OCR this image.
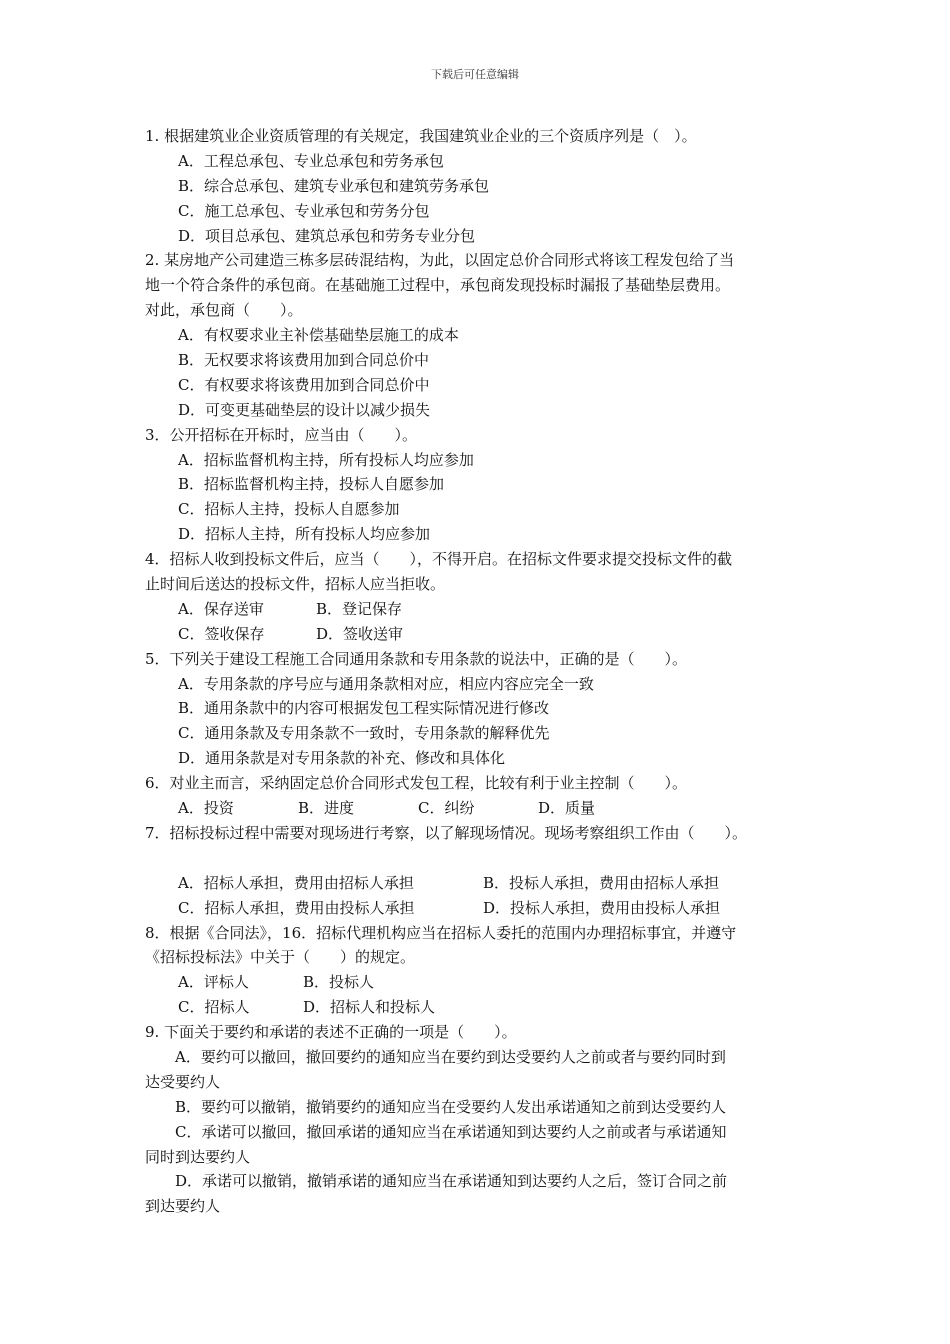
下载后可任意编辑
1. 根据建筑业企业资质管理的有关规定，我国建筑业企业的三个资质序列是（　）。
A．工程总承包、专业总承包和劳务承包
B．综合总承包、建筑专业承包和建筑劳务承包
C．施工总承包、专业承包和劳务分包
D．项目总承包、建筑总承包和劳务专业分包
2. 某房地产公司建造三栋多层砖混结构，为此，以固定总价合同形式将该工程发包给了当
地一个符合条件的承包商。在基础施工过程中，承包商发现投标时漏报了基础垫层费用。
对此，承包商（　　）。
A．有权要求业主补偿基础垫层施工的成本
B．无权要求将该费用加到合同总价中
C．有权要求将该费用加到合同总价中
D．可变更基础垫层的设计以减少损失
3．公开招标在开标时，应当由（　　）。
A．招标监督机构主持，所有投标人均应参加
B．招标监督机构主持，投标人自愿参加
C．招标人主持，投标人自愿参加
D．招标人主持，所有投标人均应参加
4．招标人收到投标文件后，应当（　　），不得开启。在招标文件要求提交投标文件的截
止时间后送达的投标文件，招标人应当拒收。
A．保存送审	B．登记保存
C．签收保存	D．签收送审
5．下列关于建设工程施工合同通用条款和专用条款的说法中，正确的是（　　）。
A．专用条款的序号应与通用条款相对应，相应内容应完全一致
B．通用条款中的内容可根据发包工程实际情况进行修改
C．通用条款及专用条款不一致时，专用条款的解释优先
D．通用条款是对专用条款的补充、修改和具体化
6．对业主而言，采纳固定总价合同形式发包工程，比较有利于业主控制（　　）。
A．投资	B．进度	C．纠纷	D．质量
7．招标投标过程中需要对现场进行考察，以了解现场情况。现场考察组织工作由（　　）。
A．招标人承担，费用由招标人承担	B．投标人承担，费用由招标人承担
C．招标人承担，费用由投标人承担	D．投标人承担，费用由投标人承担
8．根据《合同法》，16．招标代理机构应当在招标人委托的范围内办理招标事宜，并遵守
《招标投标法》中关于（　　）的规定。
A．评标人	B．投标人
C．招标人	D．招标人和投标人
9. 下面关于要约和承诺的表述不正确的一项是（　　）。
　　A．要约可以撤回，撤回要约的通知应当在要约到达受要约人之前或者与要约同时到
达受要约人
　　B．要约可以撤销，撤销要约的通知应当在受要约人发出承诺通知之前到达受要约人
　　C．承诺可以撤回，撤回承诺的通知应当在承诺通知到达要约人之前或者与承诺通知
同时到达要约人
　　D．承诺可以撤销，撤销承诺的通知应当在承诺通知到达要约人之后，签订合同之前
到达要约人
